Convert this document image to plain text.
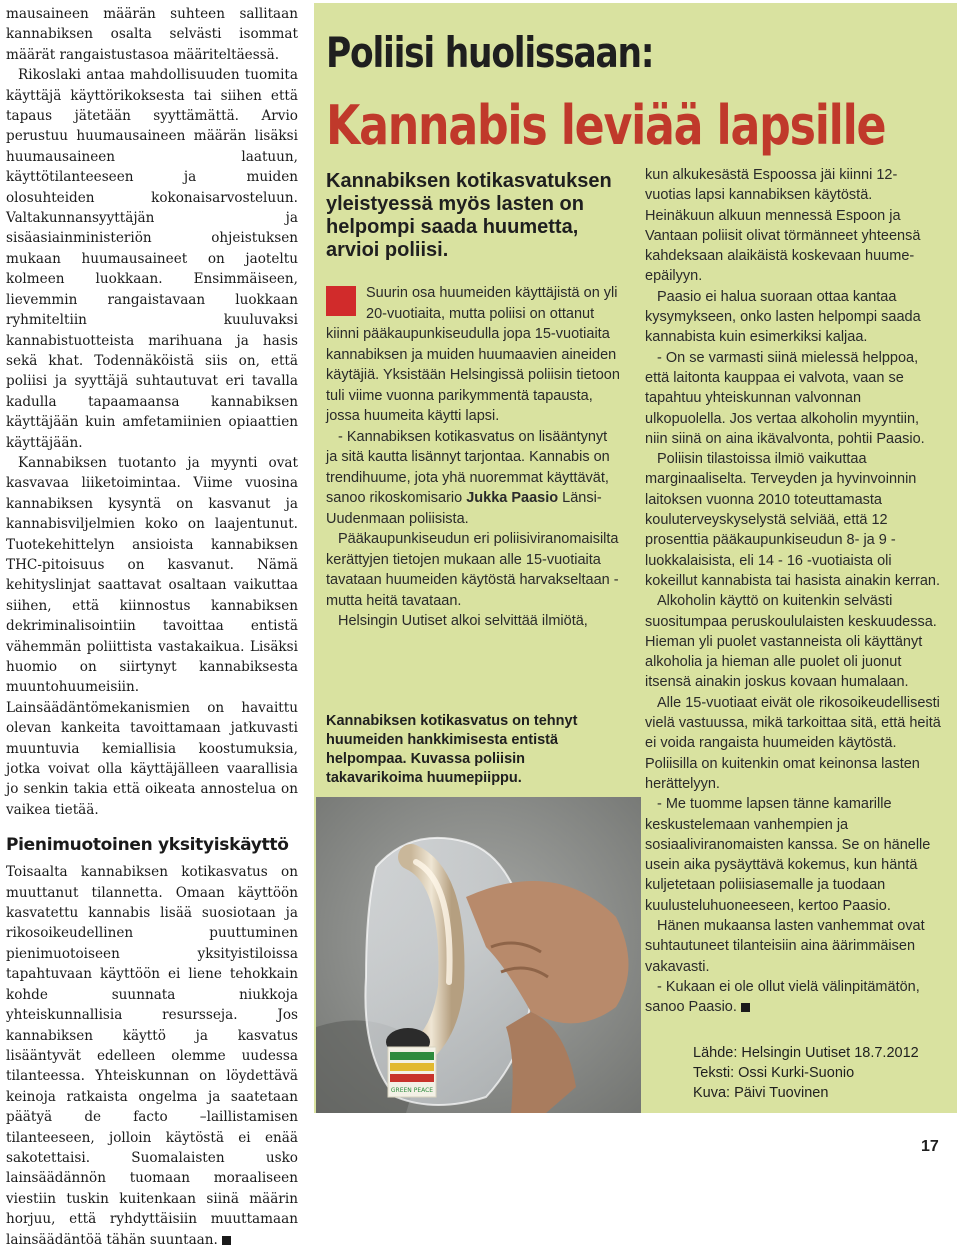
mausaineen määrän suhteen sallitaan kannabiksen osalta selvästi isommat määrät rangaistustasoa määriteltäessä.

Rikoslaki antaa mahdollisuuden tuomita käyttäjä käyttörikoksesta tai siihen että tapaus jätetään syyttämättä. Arvio perustuu huumausaineen määrän lisäksi huumausaineen laatuun, käyttötilanteeseen ja muiden olosuhteiden kokonaisarvosteluun. Valtakunnansyyttäjän ja sisäasiainministeriön ohjeistuksen mukaan huumausaineet on jaoteltu kolmeen luokkaan. Ensimmäiseen, lievemmin rangaistavaan luokkaan ryhmiteltiin kuuluvaksi kannabistuotteista marihuana ja hasis sekä khat. Todennäköistä siis on, että poliisi ja syyttäjä suhtautuvat eri tavalla kadulla tapaamaansa kannabiksen käyttäjään kuin amfetamiinien opiaattien käyttäjään.

Kannabiksen tuotanto ja myynti ovat kasvavaa liiketoimintaa. Viime vuosina kannabiksen kysyntä on kasvanut ja kannabisviljelmien koko on laajentunut. Tuotekehittelyn ansioista kannabiksen THC-pitoisuus on kasvanut. Nämä kehityslinjat saattavat osaltaan vaikuttaa siihen, että kiinnostus kannabiksen dekriminalisointiin tavoittaa entistä vähemmän poliittista vastakaikua. Lisäksi huomio on siirtynyt kannabiksesta muuntohuumeisiin. Lainsäädäntömekanismien on havaittu olevan kankeita tavoittamaan jatkuvasti muuntuvia kemiallisia koostumuksia, jotka voivat olla käyttäjälleen vaarallisia jo senkin takia että oikeata annostelua on vaikea tietää.

Pienimuotoinen yksityiskäyttö

Toisaalta kannabiksen kotikasvatus on muuttanut tilannetta. Omaan käyttöön kasvatettu kannabis lisää suosiotaan ja rikosoikeudellinen puuttuminen pienimuotoiseen yksityistiloissa tapahtuvaan käyttöön ei liene tehokkain kohde suunnata niukkoja yhteiskunnallisia resursseja. Jos kannabiksen käyttö ja kasvatus lisääntyvät edelleen olemme uudessa tilanteessa. Yhteiskunnan on löydettävä keinoja ratkaista ongelma ja saatetaan päätyä de facto –laillistamisen tilanteeseen, jolloin käytöstä ei enää sakotettaisi. Suomalaisten usko lainsäädännön tuomaan moraaliseen viestiin tuskin kuitenkaan siinä määrin horjuu, että ryhdyttäisiin muuttamaan lainsäädäntöä tähän suuntaan.

Poliisi huolissaan:
Kannabis leviää lapsille
Kannabiksen kotikasvatuksen yleistyessä myös lasten on helpompi saada huumetta, arvioi poliisi.

Suurin osa huumeiden käyttäjistä on yli 20-vuotiaita, mutta poliisi on ottanut kiinni pääkaupunkiseudulla jopa 15-vuotiaita kannabiksen ja muiden huumaavien aineiden käytäjiä. Yksistään Helsingissä poliisin tietoon tuli viime vuonna parikymmentä tapausta, jossa huumeita käytti lapsi.

- Kannabiksen kotikasvatus on lisääntynyt ja sitä kautta lisännyt tarjontaa. Kannabis on trendihuume, jota yhä nuoremmat käyttävät, sanoo rikoskomisario Jukka Paasio Länsi-Uudenmaan poliisista.

Pääkaupunkiseudun eri poliisiviranomaisilta kerättyjen tietojen mukaan alle 15-vuotiaita tavataan huumeiden käytöstä harvakseltaan - mutta heitä tavataan.

Helsingin Uutiset alkoi selvittää ilmiötä,

Kannabiksen kotikasvatus on tehnyt huumeiden hankkimisesta entistä helpompaa. Kuvassa poliisin takavarikoima huumepiippu.
GREEN PEACE

kun alkukesästä Espoossa jäi kiinni 12-vuotias lapsi kannabiksen käytöstä. Heinäkuun alkuun mennessä Espoon ja Vantaan poliisit olivat törmänneet yhteensä kahdeksaan alaikäistä koskevaan huume-epäilyyn.

Paasio ei halua suoraan ottaa kantaa kysymykseen, onko lasten helpompi saada kannabista kuin esimerkiksi kaljaa.

- On se varmasti siinä mielessä helppoa, että laitonta kauppaa ei valvota, vaan se tapahtuu yhteiskunnan valvonnan ulkopuolella. Jos vertaa alkoholin myyntiin, niin siinä on aina ikävalvonta, pohtii Paasio.

Poliisin tilastoissa ilmiö vaikuttaa marginaaliselta. Terveyden ja hyvinvoinnin laitoksen vuonna 2010 toteuttamasta kouluterveyskyselystä selviää, että 12 prosenttia pääkaupunkiseudun 8- ja 9 -luokkalaisista, eli 14 - 16 -vuotiaista oli kokeillut kannabista tai hasista ainakin kerran.

Alkoholin käyttö on kuitenkin selvästi suositumpaa peruskoululaisten keskuudessa. Hieman yli puolet vastanneista oli käyttänyt alkoholia ja hieman alle puolet oli juonut itsensä ainakin joskus kovaan humalaan.

Alle 15-vuotiaat eivät ole rikosoikeudellisesti vielä vastuussa, mikä tarkoittaa sitä, että heitä ei voida rangaista huumeiden käytöstä. Poliisilla on kuitenkin omat keinonsa lasten herättelyyn.

- Me tuomme lapsen tänne kamarille keskustelemaan vanhempien ja sosiaaliviranomaisten kanssa. Se on hänelle usein aika pysäyttävä kokemus, kun häntä kuljetetaan poliisiasemalle ja tuodaan kuulusteluhuoneeseen, kertoo Paasio.

Hänen mukaansa lasten vanhemmat ovat suhtautuneet tilanteisiin aina äärimmäisen vakavasti.

- Kukaan ei ole ollut vielä välinpitämätön, sanoo Paasio.

Lähde: Helsingin Uutiset 18.7.2012
Teksti: Ossi Kurki-Suonio
Kuva: Päivi Tuovinen
17
